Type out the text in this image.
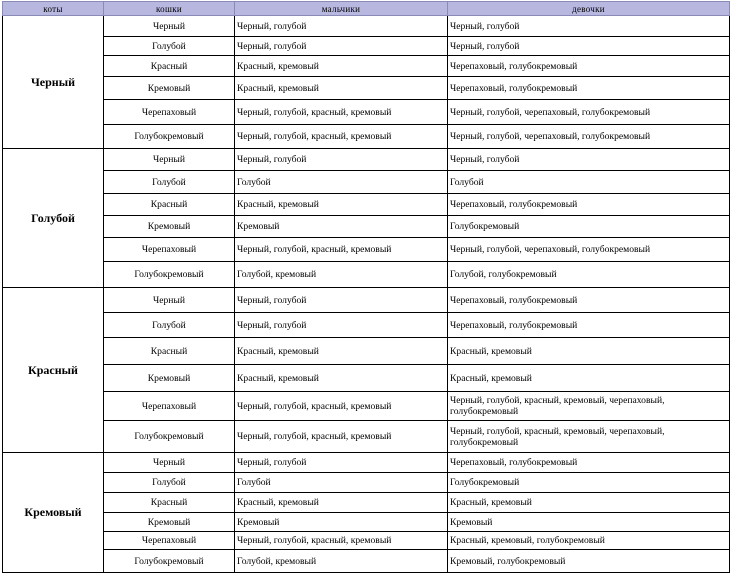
коты	кошки	мальчики	девочки
Черный	Черный	Черный, голубой	Черный, голубой
	Голубой	Черный, голубой	Черный, голубой
	Красный	Красный, кремовый	Черепаховый, голубокремовый
	Кремовый	Красный, кремовый	Черепаховый, голубокремовый
	Черепаховый	Черный, голубой, красный, кремовый	Черный, голубой, черепаховый, голубокремовый
	Голубокремовый	Черный, голубой, красный, кремовый	Черный, голубой, черепаховый, голубокремовый
Голубой	Черный	Черный, голубой	Черный, голубой
	Голубой	Голубой	Голубой
	Красный	Красный, кремовый	Черепаховый, голубокремовый
	Кремовый	Кремовый	Голубокремовый
	Черепаховый	Черный, голубой, красный, кремовый	Черный, голубой, черепаховый, голубокремовый
	Голубокремовый	Голубой, кремовый	Голубой, голубокремовый
Красный	Черный	Черный, голубой	Черепаховый, голубокремовый
	Голубой	Черный, голубой	Черепаховый, голубокремовый
	Красный	Красный, кремовый	Красный, кремовый
	Кремовый	Красный, кремовый	Красный, кремовый
	Черепаховый	Черный, голубой, красный, кремовый	Черный, голубой, красный, кремовый, черепаховый, голубокремовый
	Голубокремовый	Черный, голубой, красный, кремовый	Черный, голубой, красный, кремовый, черепаховый, голубокремовый
Кремовый	Черный	Черный, голубой	Черепаховый, голубокремовый
	Голубой	Голубой	Голубокремовый
	Красный	Красный, кремовый	Красный, кремовый
	Кремовый	Кремовый	Кремовый
	Черепаховый	Черный, голубой, красный, кремовый	Красный, кремовый, голубокремовый
	Голубокремовый	Голубой, кремовый	Кремовый, голубокремовый
